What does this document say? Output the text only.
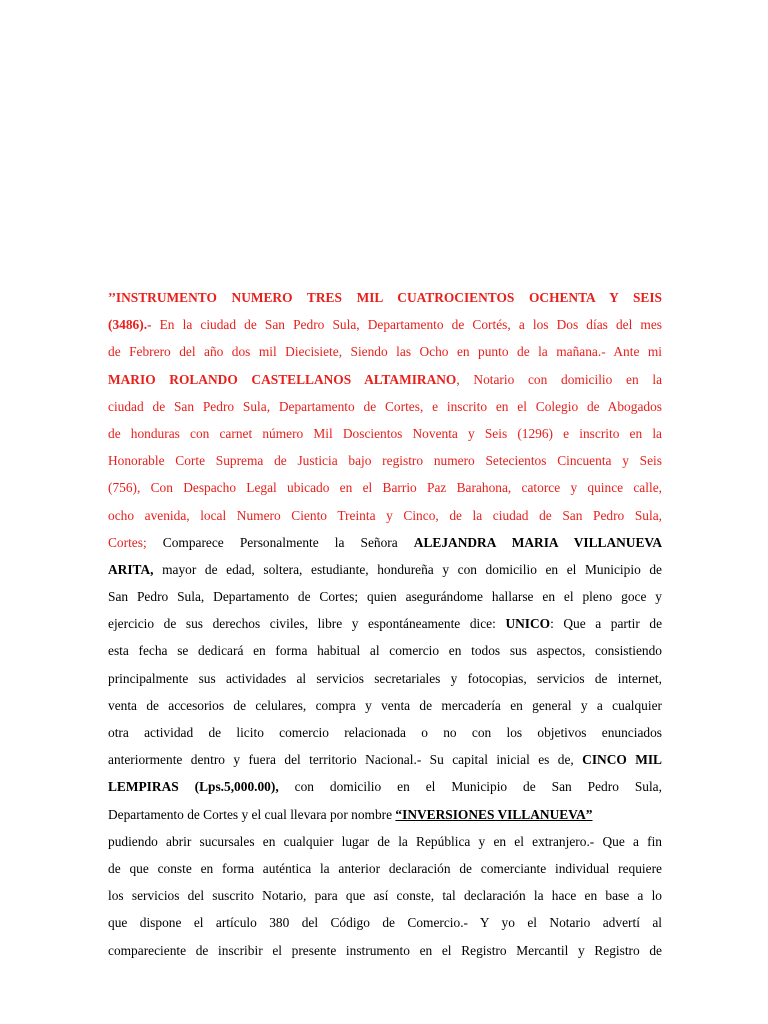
’’INSTRUMENTO NUMERO TRES MIL CUATROCIENTOS OCHENTA Y SEIS
(3486).- En la ciudad de San Pedro Sula, Departamento de Cortés, a los Dos días del mes
de Febrero del año dos mil Diecisiete, Siendo las Ocho en punto de la mañana.- Ante mi
MARIO ROLANDO CASTELLANOS ALTAMIRANO, Notario con domicilio en la
ciudad de San Pedro Sula, Departamento de Cortes, e inscrito en el Colegio de Abogados
de honduras con carnet número Mil Doscientos Noventa y Seis (1296) e inscrito en la
Honorable Corte Suprema de Justicia bajo registro numero Setecientos Cincuenta y Seis
(756), Con Despacho Legal ubicado en el Barrio Paz Barahona, catorce y quince calle,
ocho avenida, local Numero Ciento Treinta y Cinco, de la ciudad de San Pedro Sula,
Cortes; Comparece Personalmente la Señora ALEJANDRA MARIA VILLANUEVA
ARITA, mayor de edad, soltera, estudiante, hondureña y con domicilio en el Municipio de
San Pedro Sula, Departamento de Cortes; quien asegurándome hallarse en el pleno goce y
ejercicio de sus derechos civiles, libre y espontáneamente dice: UNICO: Que a partir de
esta fecha se dedicará en forma habitual al comercio en todos sus aspectos, consistiendo
principalmente sus actividades al servicios secretariales y fotocopias, servicios de internet,
venta de accesorios de celulares, compra y venta de mercadería en general y a cualquier
otra actividad de licito comercio relacionada o no con los objetivos enunciados
anteriormente dentro y fuera del territorio Nacional.- Su capital inicial es de, CINCO MIL
LEMPIRAS (Lps.5,000.00), con domicilio en el Municipio de San Pedro Sula,
Departamento de Cortes y el cual llevara por nombre “INVERSIONES VILLANUEVA”
pudiendo abrir sucursales en cualquier lugar de la República y en el extranjero.- Que a fin
de que conste en forma auténtica la anterior declaración de comerciante individual requiere
los servicios del suscrito Notario, para que así conste, tal declaración la hace en base a lo
que dispone el artículo 380 del Código de Comercio.- Y yo el Notario advertí al
compareciente de inscribir el presente instrumento en el Registro Mercantil y Registro de
